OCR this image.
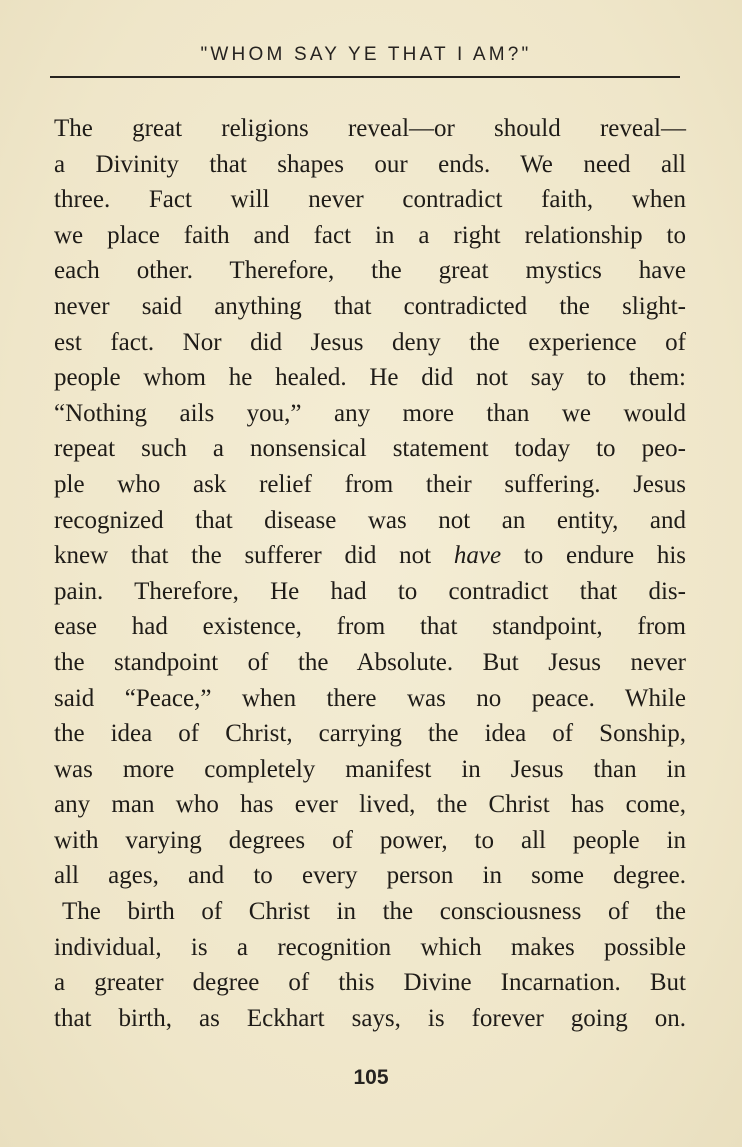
"WHOM SAY YE THAT I AM?"
The great religions reveal—or should reveal—
a Divinity that shapes our ends. We need all
three. Fact will never contradict faith, when
we place faith and fact in a right relationship to
each other. Therefore, the great mystics have
never said anything that contradicted the slight-
est fact. Nor did Jesus deny the experience of
people whom he healed. He did not say to them:
“Nothing ails you,” any more than we would
repeat such a nonsensical statement today to peo-
ple who ask relief from their suffering. Jesus
recognized that disease was not an entity, and
knew that the sufferer did not have to endure his
pain. Therefore, He had to contradict that dis-
ease had existence, from that standpoint, from
the standpoint of the Absolute. But Jesus never
said “Peace,” when there was no peace. While
the idea of Christ, carrying the idea of Sonship,
was more completely manifest in Jesus than in
any man who has ever lived, the Christ has come,
with varying degrees of power, to all people in
all ages, and to every person in some degree.
The birth of Christ in the consciousness of the
individual, is a recognition which makes possible
a greater degree of this Divine Incarnation. But
that birth, as Eckhart says, is forever going on.
105
